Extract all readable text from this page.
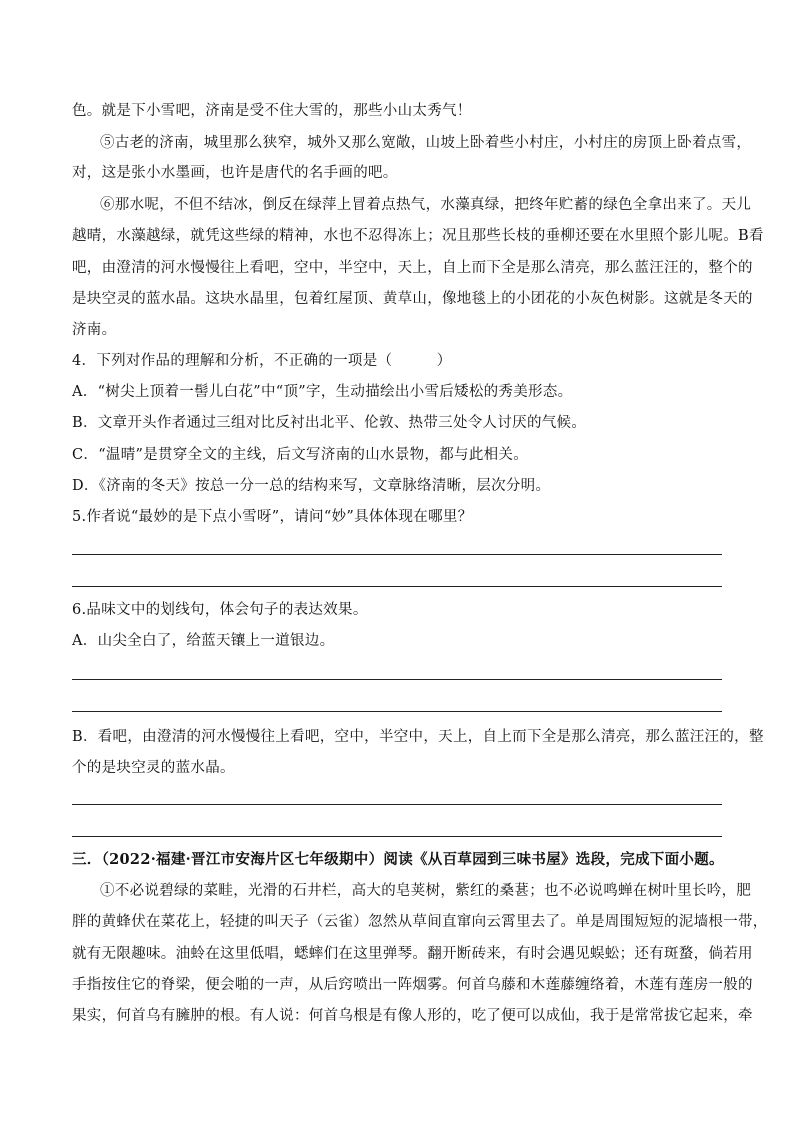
色。就是下小雪吧，济南是受不住大雪的，那些小山太秀气！
⑤古老的济南，城里那么狭窄，城外又那么宽敞，山坡上卧着些小村庄，小村庄的房顶上卧着点雪，
对，这是张小水墨画，也许是唐代的名手画的吧。
⑥那水呢，不但不结冰，倒反在绿萍上冒着点热气，水藻真绿，把终年贮蓄的绿色全拿出来了。天儿
越晴，水藻越绿，就凭这些绿的精神，水也不忍得冻上；况且那些长枝的垂柳还要在水里照个影儿呢。B看
吧，由澄清的河水慢慢往上看吧，空中，半空中，天上，自上而下全是那么清亮，那么蓝汪汪的，整个的
是块空灵的蓝水晶。这块水晶里，包着红屋顶、黄草山，像地毯上的小团花的小灰色树影。这就是冬天的
济南。
4．下列对作品的理解和分析，不正确的一项是（　　　）
A．“树尖上顶着一髻儿白花”中“顶”字，生动描绘出小雪后矮松的秀美形态。
B．文章开头作者通过三组对比反衬出北平、伦敦、热带三处令人讨厌的气候。
C．“温晴”是贯穿全文的主线，后文写济南的山水景物，都与此相关。
D．《济南的冬天》按总一分一总的结构来写，文章脉络清晰，层次分明。
5.作者说“最妙的是下点小雪呀”，请问“妙”具体体现在哪里？
6.品味文中的划线句，体会句子的表达效果。
A．山尖全白了，给蓝天镶上一道银边。
B．看吧，由澄清的河水慢慢往上看吧，空中，半空中，天上，自上而下全是那么清亮，那么蓝汪汪的，整
个的是块空灵的蓝水晶。
三．（2022·福建·晋江市安海片区七年级期中）阅读《从百草园到三味书屋》选段，完成下面小题。
①不必说碧绿的菜畦，光滑的石井栏，高大的皂荚树，紫红的桑葚；也不必说鸣蝉在树叶里长吟，肥
胖的黄蜂伏在菜花上，轻捷的叫天子（云雀）忽然从草间直窜向云霄里去了。单是周围短短的泥墙根一带，
就有无限趣味。油蛉在这里低唱，蟋蟀们在这里弹琴。翻开断砖来，有时会遇见蜈蚣；还有斑蝥，倘若用
手指按住它的脊梁，便会啪的一声，从后窍喷出一阵烟雾。何首乌藤和木莲藤缠络着，木莲有莲房一般的
果实，何首乌有臃肿的根。有人说：何首乌根是有像人形的，吃了便可以成仙，我于是常常拔它起来，牵
